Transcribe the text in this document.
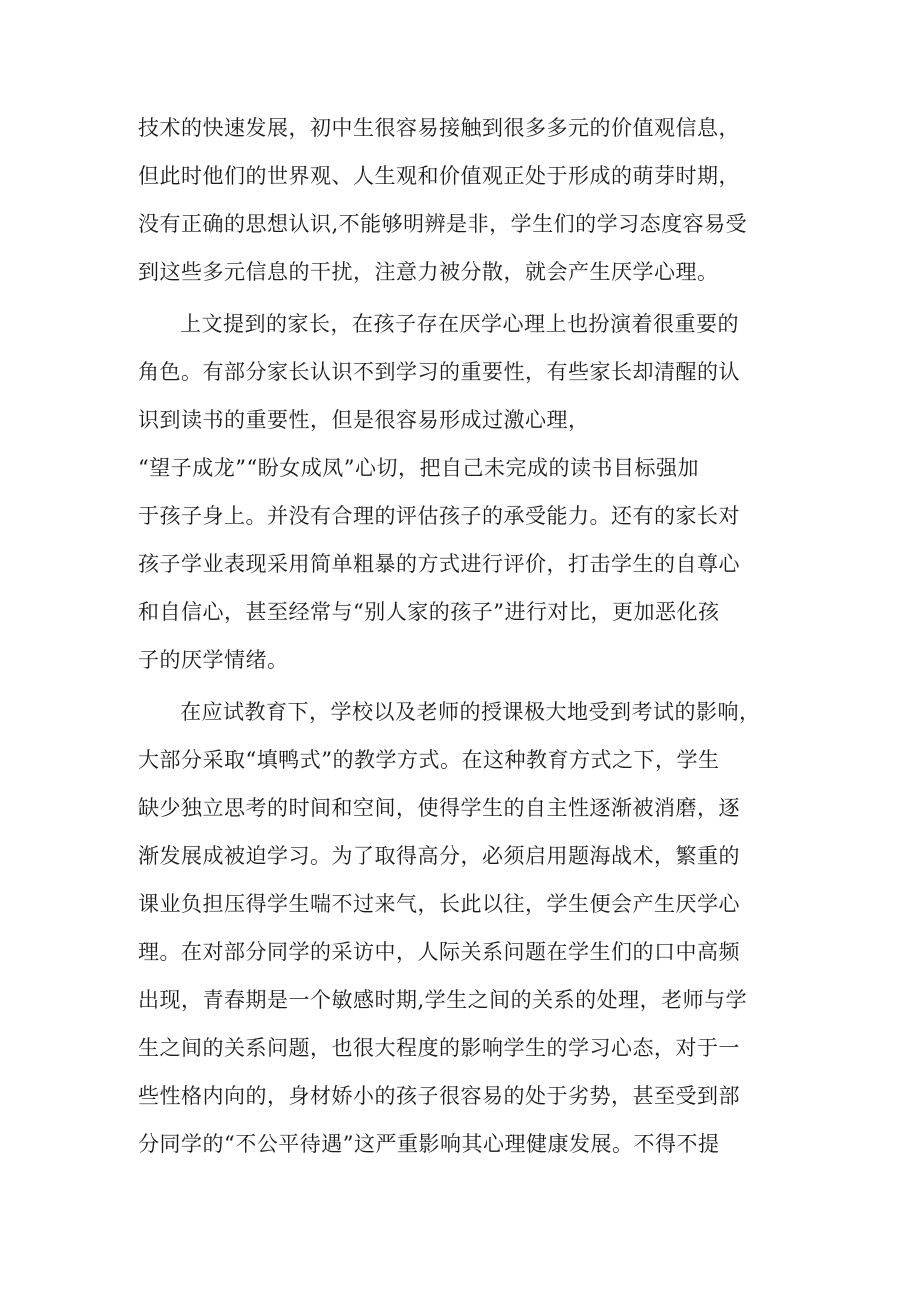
技术的快速发展，初中生很容易接触到很多多元的价值观信息，
但此时他们的世界观、人生观和价值观正处于形成的萌芽时期，
没有正确的思想认识,不能够明辨是非，学生们的学习态度容易受
到这些多元信息的干扰，注意力被分散，就会产生厌学心理。
上文提到的家长，在孩子存在厌学心理上也扮演着很重要的
角色。有部分家长认识不到学习的重要性，有些家长却清醒的认
识到读书的重要性，但是很容易形成过激心理，
“望子成龙”“盼女成凤”心切，把自己未完成的读书目标强加
于孩子身上。并没有合理的评估孩子的承受能力。还有的家长对
孩子学业表现采用简单粗暴的方式进行评价，打击学生的自尊心
和自信心，甚至经常与“别人家的孩子”进行对比，更加恶化孩
子的厌学情绪。
在应试教育下，学校以及老师的授课极大地受到考试的影响，
大部分采取“填鸭式”的教学方式。在这种教育方式之下，学生
缺少独立思考的时间和空间，使得学生的自主性逐渐被消磨，逐
渐发展成被迫学习。为了取得高分，必须启用题海战术，繁重的
课业负担压得学生喘不过来气，长此以往，学生便会产生厌学心
理。在对部分同学的采访中，人际关系问题在学生们的口中高频
出现，青春期是一个敏感时期,学生之间的关系的处理，老师与学
生之间的关系问题，也很大程度的影响学生的学习心态，对于一
些性格内向的，身材娇小的孩子很容易的处于劣势，甚至受到部
分同学的“不公平待遇”这严重影响其心理健康发展。不得不提
